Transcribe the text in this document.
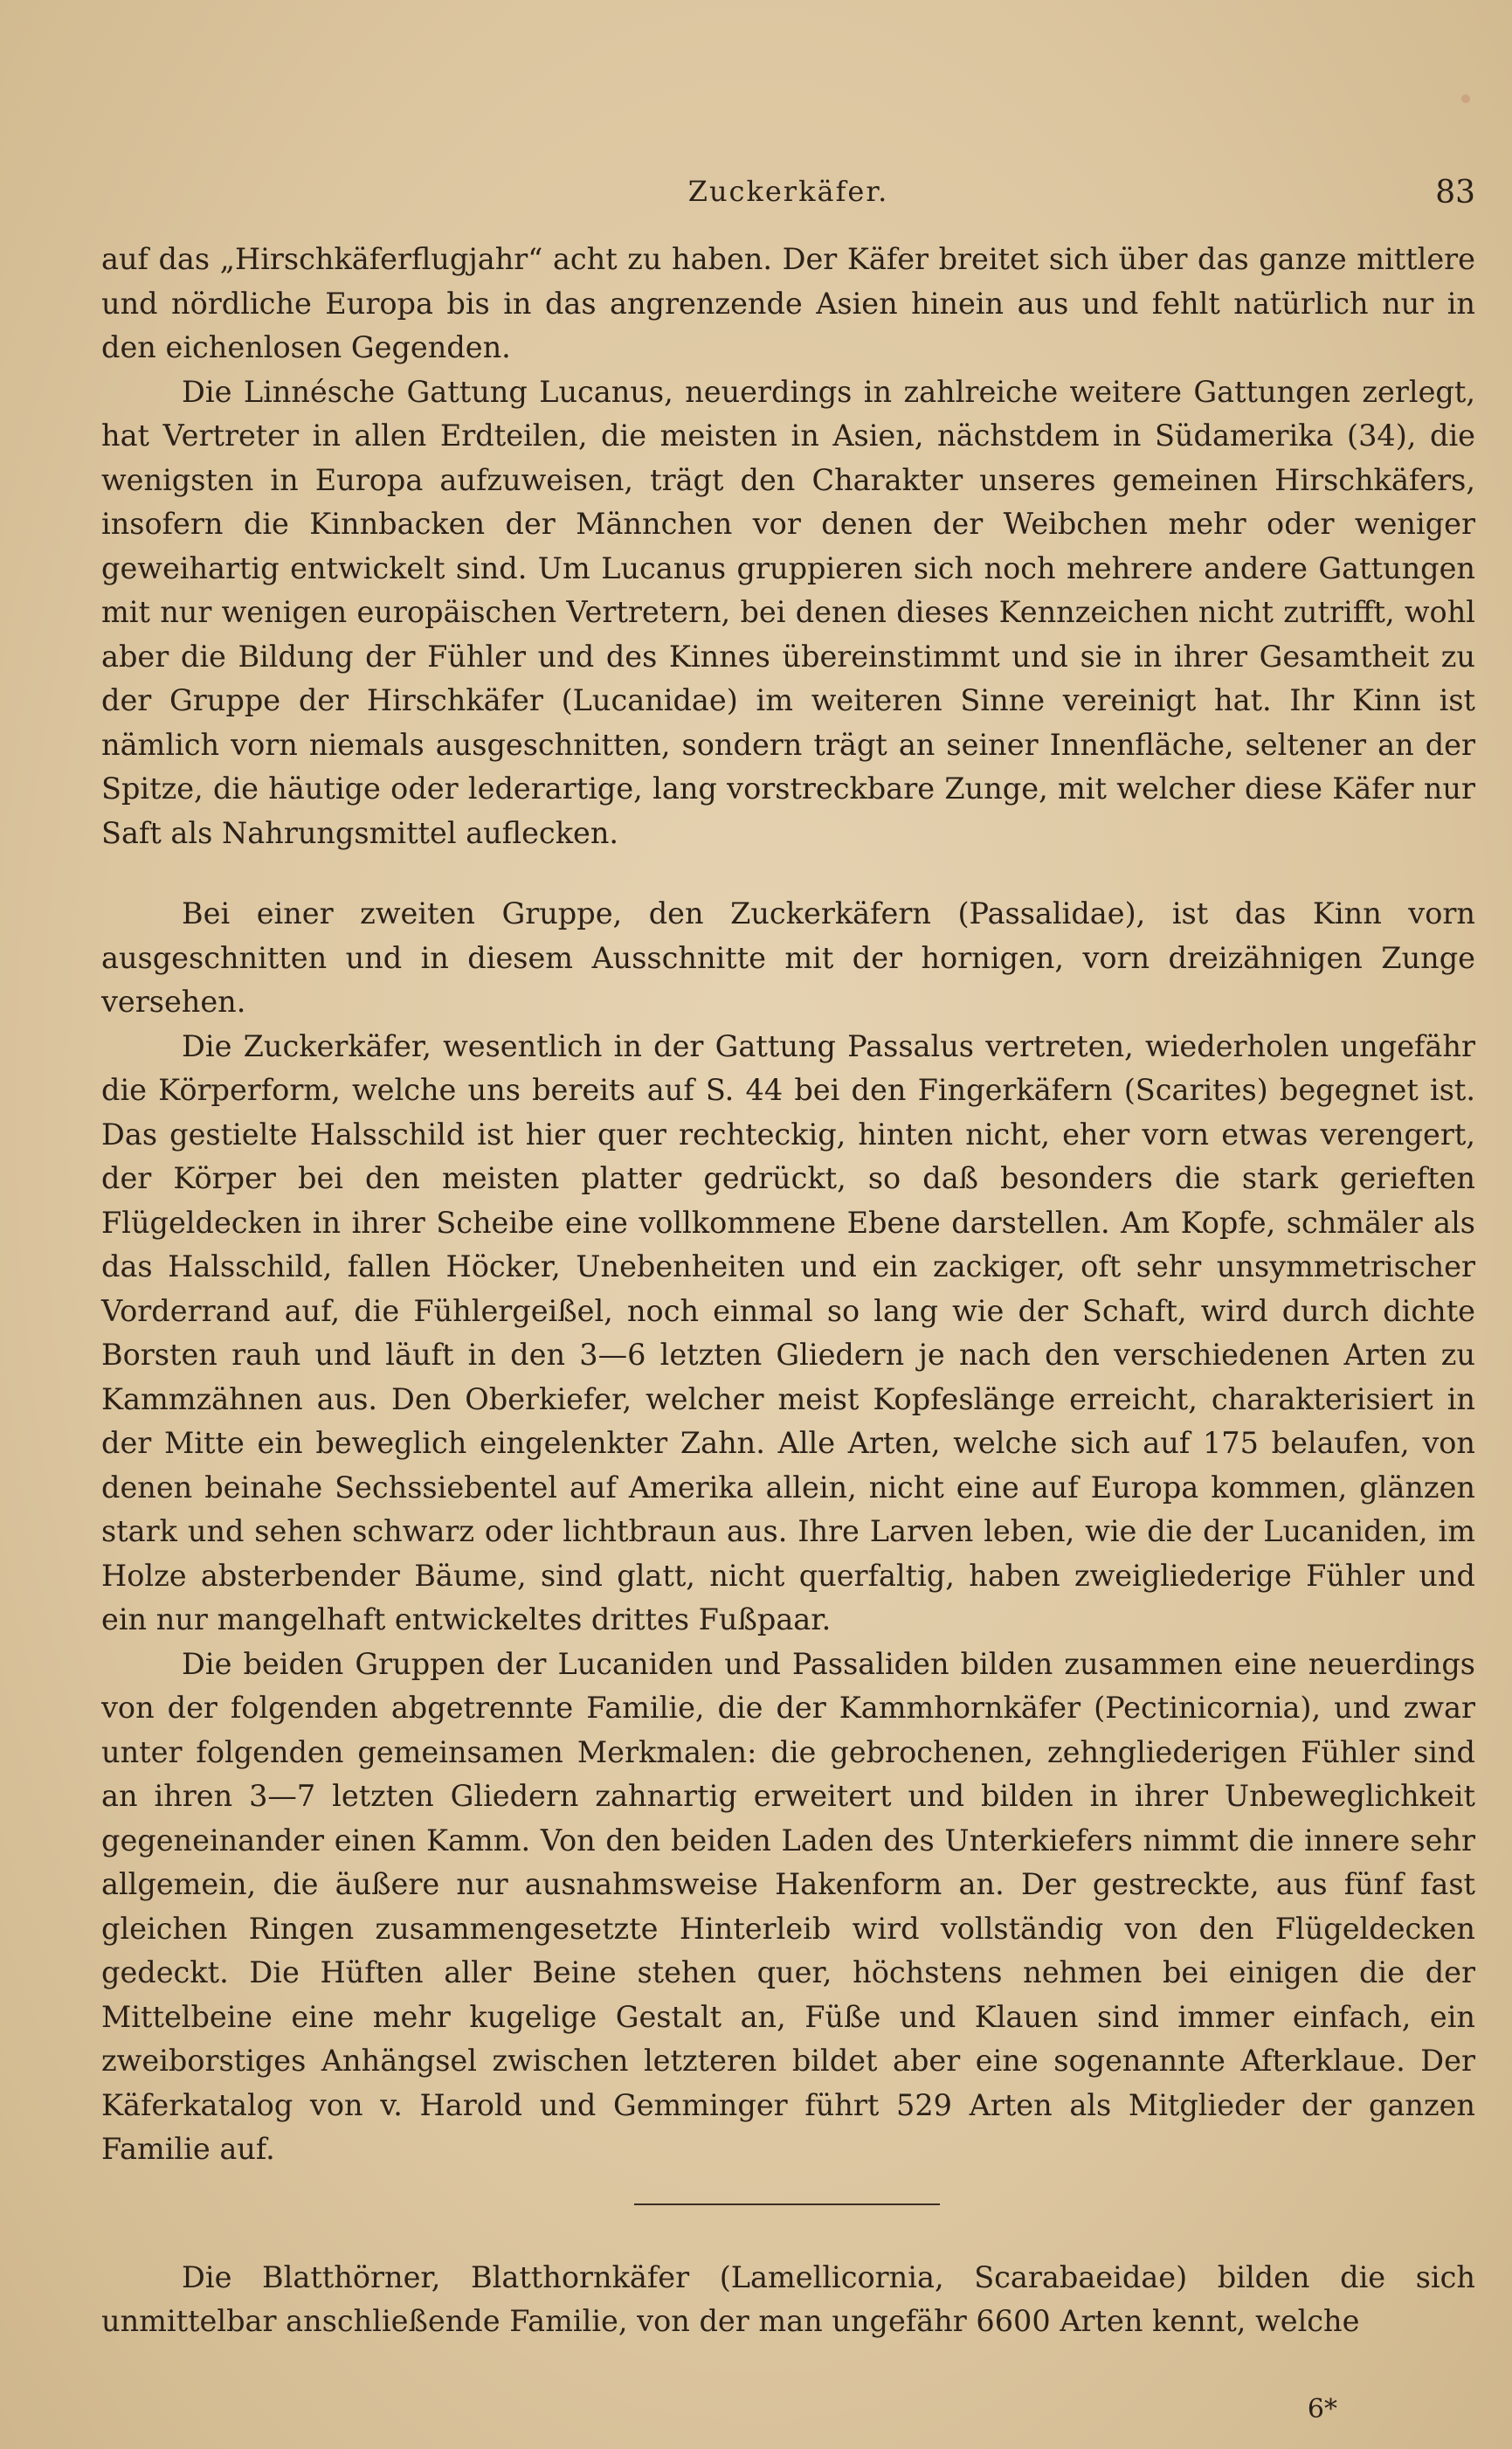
Zuckerkäfer.	83

auf das „Hirschkäferflugjahr“ acht zu haben. Der Käfer breitet sich über das ganze mittlere und nördliche Europa bis in das angrenzende Asien hinein aus und fehlt natürlich nur in den eichenlosen Gegenden.

Die Linnésche Gattung Lucanus, neuerdings in zahlreiche weitere Gattungen zerlegt, hat Vertreter in allen Erdteilen, die meisten in Asien, nächstdem in Südamerika (34), die wenigsten in Europa aufzuweisen, trägt den Charakter unseres gemeinen Hirschkäfers, insofern die Kinnbacken der Männchen vor denen der Weibchen mehr oder weniger geweihartig entwickelt sind. Um Lucanus gruppieren sich noch mehrere andere Gattungen mit nur wenigen europäischen Vertretern, bei denen dieses Kennzeichen nicht zutrifft, wohl aber die Bildung der Fühler und des Kinnes übereinstimmt und sie in ihrer Gesamtheit zu der Gruppe der Hirschkäfer (Lucanidae) im weiteren Sinne vereinigt hat. Ihr Kinn ist nämlich vorn niemals ausgeschnitten, sondern trägt an seiner Innenfläche, seltener an der Spitze, die häutige oder lederartige, lang vorstreckbare Zunge, mit welcher diese Käfer nur Saft als Nahrungsmittel auflecken.

Bei einer zweiten Gruppe, den Zuckerkäfern (Passalidae), ist das Kinn vorn ausgeschnitten und in diesem Ausschnitte mit der hornigen, vorn dreizähnigen Zunge versehen.

Die Zuckerkäfer, wesentlich in der Gattung Passalus vertreten, wiederholen ungefähr die Körperform, welche uns bereits auf S. 44 bei den Fingerkäfern (Scarites) begegnet ist. Das gestielte Halsschild ist hier quer rechteckig, hinten nicht, eher vorn etwas verengert, der Körper bei den meisten platter gedrückt, so daß besonders die stark gerieften Flügeldecken in ihrer Scheibe eine vollkommene Ebene darstellen. Am Kopfe, schmäler als das Halsschild, fallen Höcker, Unebenheiten und ein zackiger, oft sehr unsymmetrischer Vorderrand auf, die Fühlergeißel, noch einmal so lang wie der Schaft, wird durch dichte Borsten rauh und läuft in den 3—6 letzten Gliedern je nach den verschiedenen Arten zu Kammzähnen aus. Den Oberkiefer, welcher meist Kopfeslänge erreicht, charakterisiert in der Mitte ein beweglich eingelenkter Zahn. Alle Arten, welche sich auf 175 belaufen, von denen beinahe Sechssiebentel auf Amerika allein, nicht eine auf Europa kommen, glänzen stark und sehen schwarz oder lichtbraun aus. Ihre Larven leben, wie die der Lucaniden, im Holze absterbender Bäume, sind glatt, nicht querfaltig, haben zweigliederige Fühler und ein nur mangelhaft entwickeltes drittes Fußpaar.

Die beiden Gruppen der Lucaniden und Passaliden bilden zusammen eine neuerdings von der folgenden abgetrennte Familie, die der Kammhornkäfer (Pectinicornia), und zwar unter folgenden gemeinsamen Merkmalen: die gebrochenen, zehngliederigen Fühler sind an ihren 3—7 letzten Gliedern zahnartig erweitert und bilden in ihrer Unbeweglichkeit gegeneinander einen Kamm. Von den beiden Laden des Unterkiefers nimmt die innere sehr allgemein, die äußere nur ausnahmsweise Hakenform an. Der gestreckte, aus fünf fast gleichen Ringen zusammengesetzte Hinterleib wird vollständig von den Flügeldecken gedeckt. Die Hüften aller Beine stehen quer, höchstens nehmen bei einigen die der Mittelbeine eine mehr kugelige Gestalt an, Füße und Klauen sind immer einfach, ein zweiborstiges Anhängsel zwischen letzteren bildet aber eine sogenannte Afterklaue. Der Käferkatalog von v. Harold und Gemminger führt 529 Arten als Mitglieder der ganzen Familie auf.

Die Blatthörner, Blatthornkäfer (Lamellicornia, Scarabaeidae) bilden die sich unmittelbar anschließende Familie, von der man ungefähr 6600 Arten kennt, welche

6*
